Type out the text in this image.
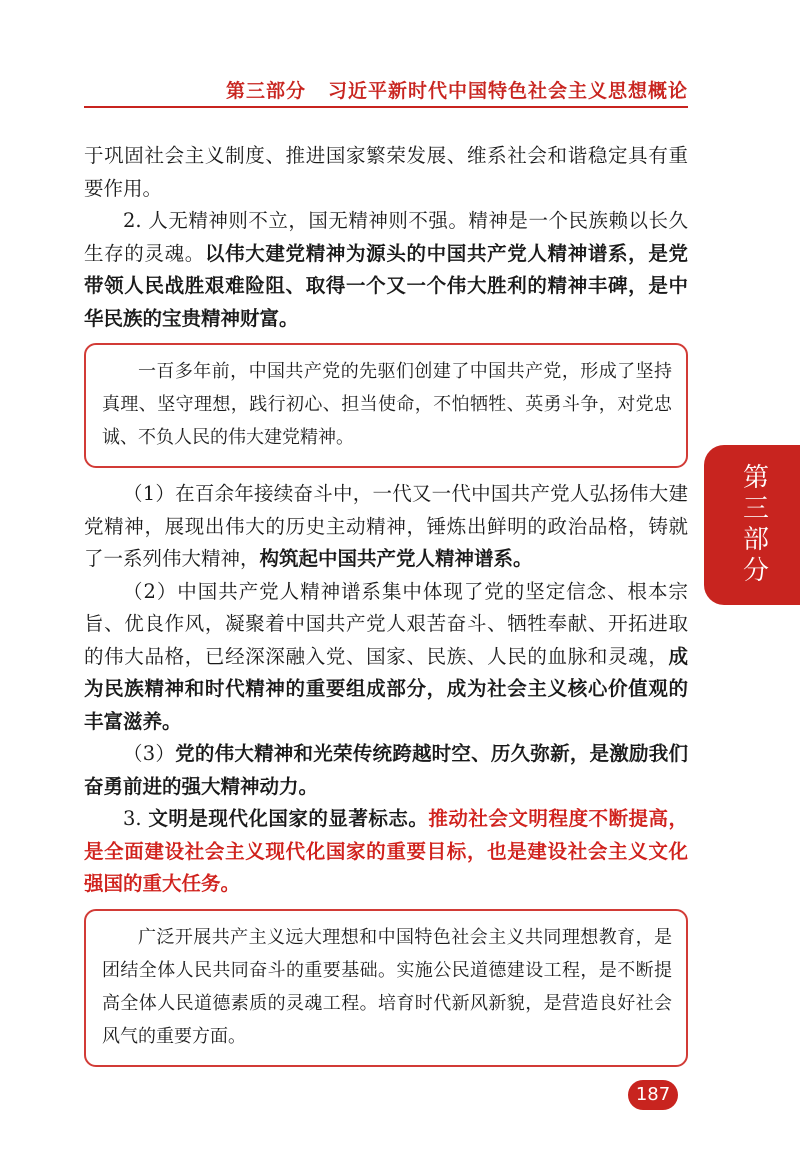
第三部分 习近平新时代中国特色社会主义思想概论

于巩固社会主义制度、推进国家繁荣发展、维系社会和谐稳定具有重要作用。

2. 人无精神则不立，国无精神则不强。精神是一个民族赖以长久生存的灵魂。以伟大建党精神为源头的中国共产党人精神谱系，是党带领人民战胜艰难险阻、取得一个又一个伟大胜利的精神丰碑，是中华民族的宝贵精神财富。

一百多年前，中国共产党的先驱们创建了中国共产党，形成了坚持真理、坚守理想，践行初心、担当使命，不怕牺牲、英勇斗争，对党忠诚、不负人民的伟大建党精神。

（1）在百余年接续奋斗中，一代又一代中国共产党人弘扬伟大建党精神，展现出伟大的历史主动精神，锤炼出鲜明的政治品格，铸就了一系列伟大精神，构筑起中国共产党人精神谱系。

（2）中国共产党人精神谱系集中体现了党的坚定信念、根本宗旨、优良作风，凝聚着中国共产党人艰苦奋斗、牺牲奉献、开拓进取的伟大品格，已经深深融入党、国家、民族、人民的血脉和灵魂，成为民族精神和时代精神的重要组成部分，成为社会主义核心价值观的丰富滋养。

（3）党的伟大精神和光荣传统跨越时空、历久弥新，是激励我们奋勇前进的强大精神动力。

3. 文明是现代化国家的显著标志。推动社会文明程度不断提高，是全面建设社会主义现代化国家的重要目标，也是建设社会主义文化强国的重大任务。

广泛开展共产主义远大理想和中国特色社会主义共同理想教育，是团结全体人民共同奋斗的重要基础。实施公民道德建设工程，是不断提高全体人民道德素质的灵魂工程。培育时代新风新貌，是营造良好社会风气的重要方面。

第三部分
187
